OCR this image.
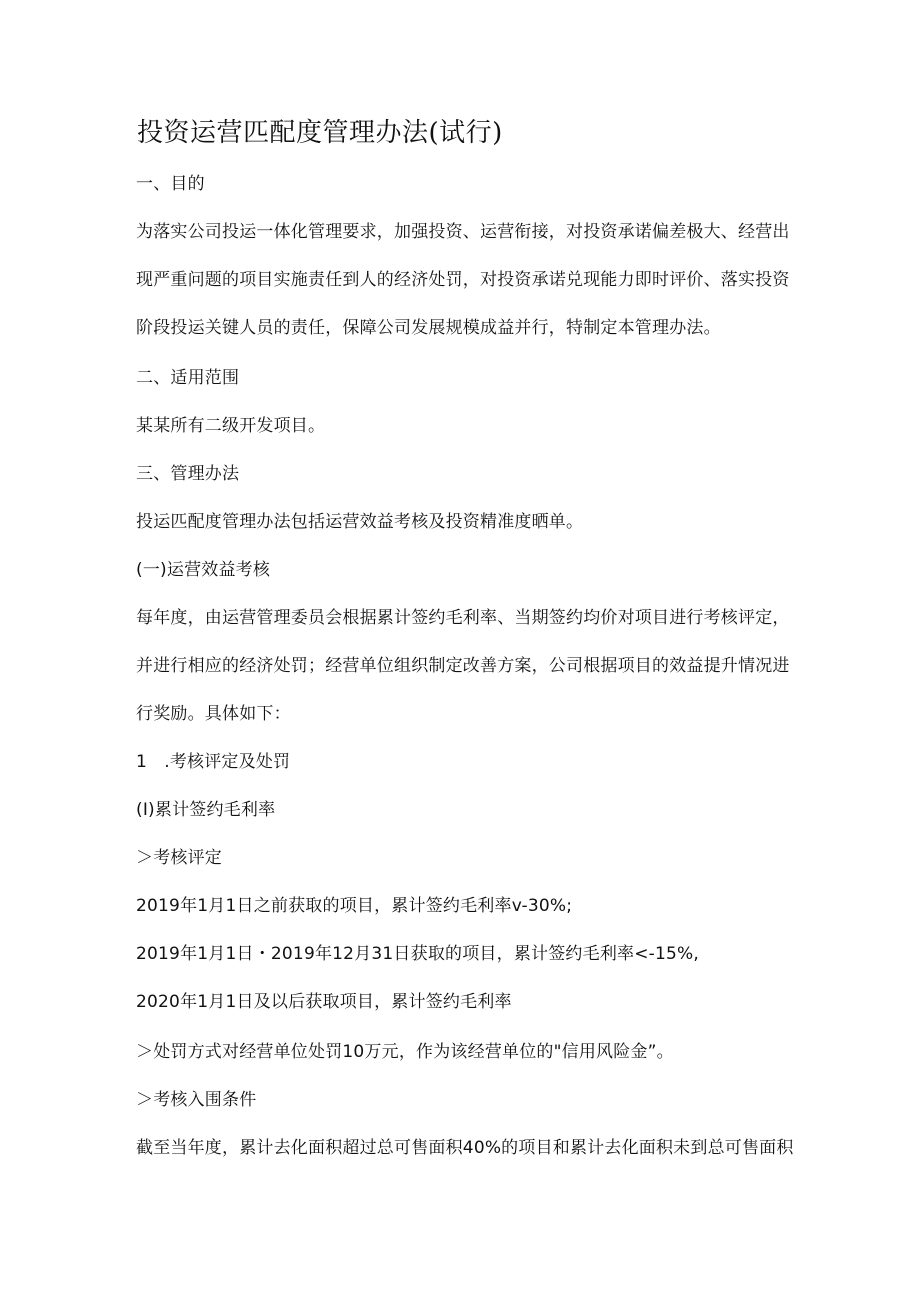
投资运营匹配度管理办法(试行)
一、目的
为落实公司投运一体化管理要求，加强投资、运营衔接，对投资承诺偏差极大、经营出
现严重问题的项目实施责任到人的经济处罚，对投资承诺兑现能力即时评价、落实投资
阶段投运关键人员的责任，保障公司发展规模成益并行，特制定本管理办法。
二、适用范围
某某所有二级开发项目。
三、管理办法
投运匹配度管理办法包括运营效益考核及投资精准度晒单。
(一)运营效益考核
每年度，由运营管理委员会根据累计签约毛利率、当期签约均价对项目进行考核评定，
并进行相应的经济处罚；经营单位组织制定改善方案，公司根据项目的效益提升情况进
行奖励。具体如下：
1　.考核评定及处罚
(I)累计签约毛利率
＞考核评定
2019年1月1日之前获取的项目，累计签约毛利率v-30%;
2019年1月1日・2019年12月31日获取的项目，累计签约毛利率<-15%,
2020年1月1日及以后获取项目，累计签约毛利率
＞处罚方式对经营单位处罚10万元，作为该经营单位的"信用风险金”。
＞考核入围条件
截至当年度，累计去化面积超过总可售面积40%的项目和累计去化面积未到总可售面积
